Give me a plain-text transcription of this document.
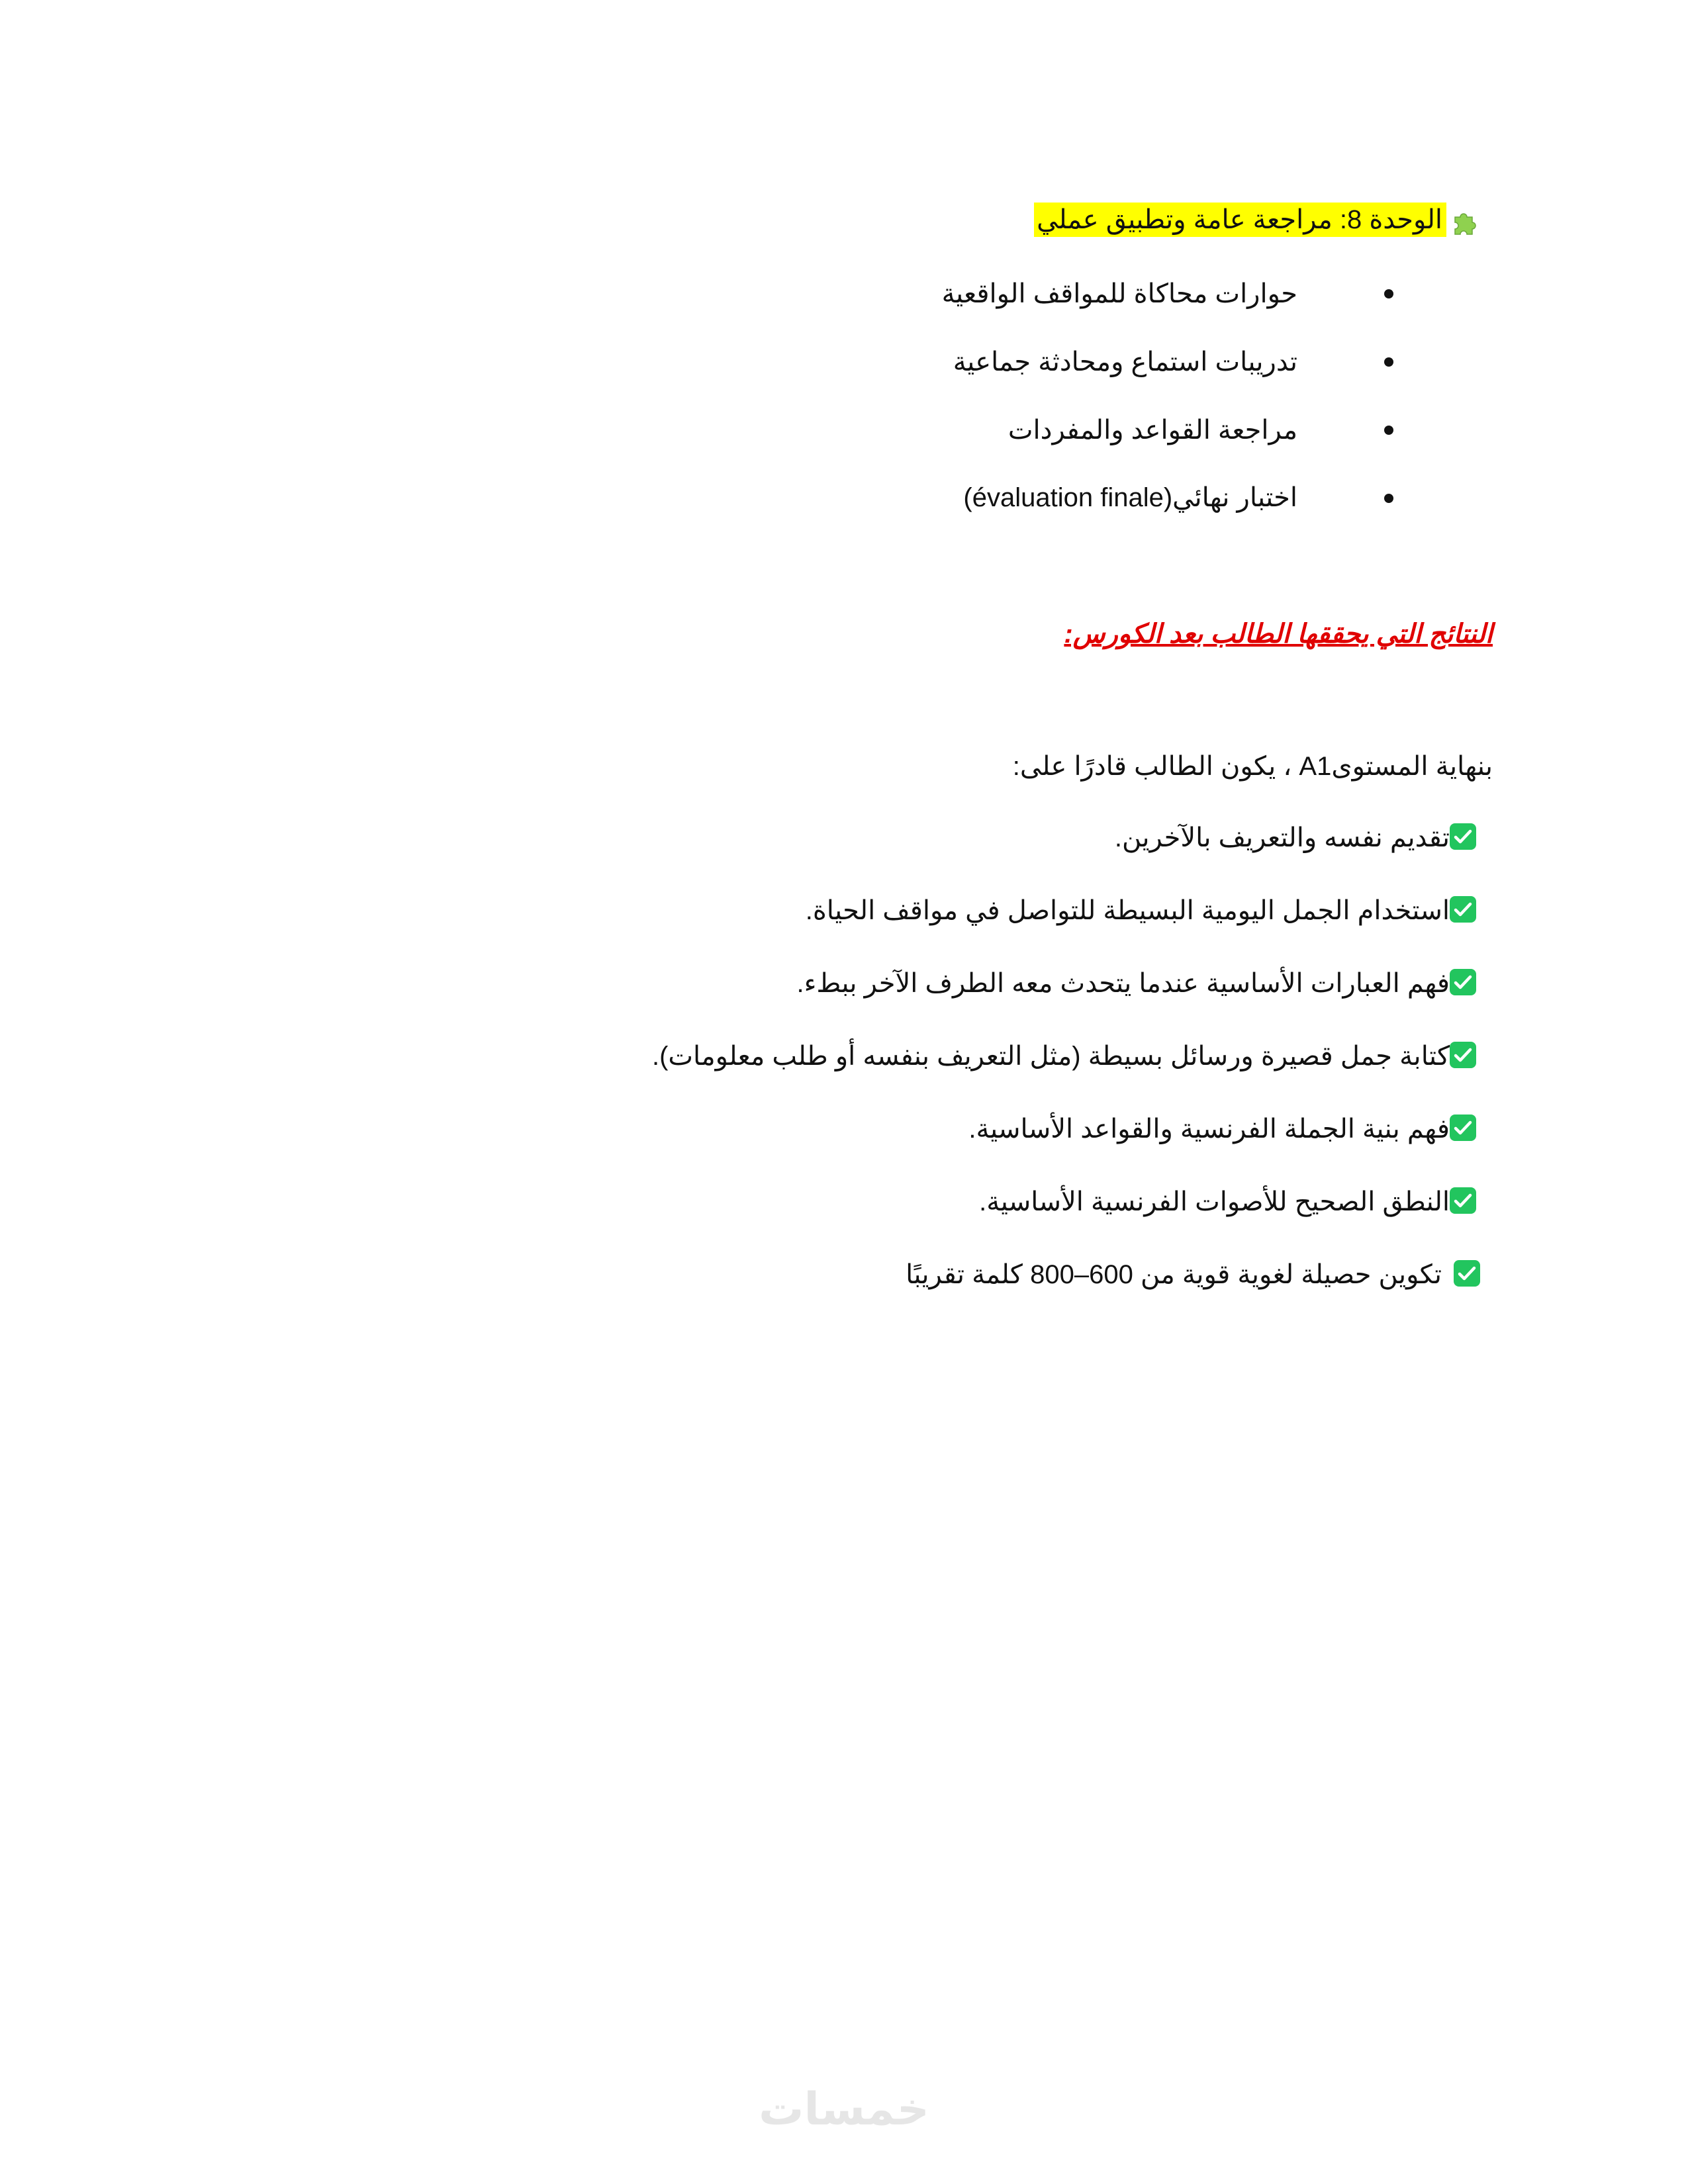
الوحدة 8: مراجعة عامة وتطبيق عملي
حوارات محاكاة للمواقف الواقعية
تدريبات استماع ومحادثة جماعية
مراجعة القواعد والمفردات
اختبار نهائي(évaluation finale)
النتائج التي يحققها الطالب بعد الكورس:
بنهاية المستوىA1 ، يكون الطالب قادرًا على:
تقديم نفسه والتعريف بالآخرين.
استخدام الجمل اليومية البسيطة للتواصل في مواقف الحياة.
فهم العبارات الأساسية عندما يتحدث معه الطرف الآخر ببطء.
كتابة جمل قصيرة ورسائل بسيطة (مثل التعريف بنفسه أو طلب معلومات).
فهم بنية الجملة الفرنسية والقواعد الأساسية.
النطق الصحيح للأصوات الفرنسية الأساسية.
تكوين حصيلة لغوية قوية من 600–800 كلمة تقريبًا
خمسات
